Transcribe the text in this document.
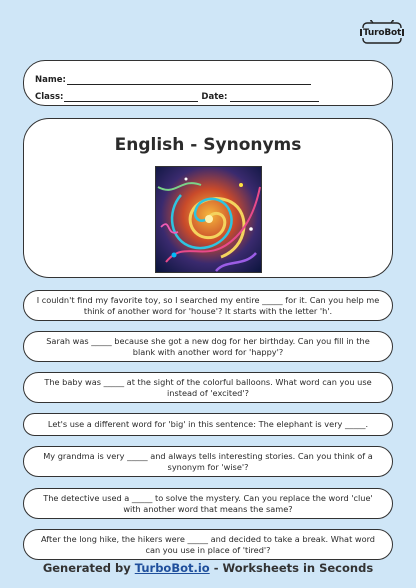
TuroBot
Name:
Class:	Date:
English - Synonyms
I couldn't find my favorite toy, so I searched my entire _____ for it. Can you help me think of another word for 'house'? It starts with the letter 'h'.
Sarah was _____ because she got a new dog for her birthday. Can you fill in the blank with another word for 'happy'?
The baby was _____ at the sight of the colorful balloons. What word can you use instead of 'excited'?
Let's use a different word for 'big' in this sentence: The elephant is very _____.
My grandma is very _____ and always tells interesting stories. Can you think of a synonym for 'wise'?
The detective used a _____ to solve the mystery. Can you replace the word 'clue' with another word that means the same?
After the long hike, the hikers were _____ and decided to take a break. What word can you use in place of 'tired'?
Generated by TurboBot.io - Worksheets in Seconds
